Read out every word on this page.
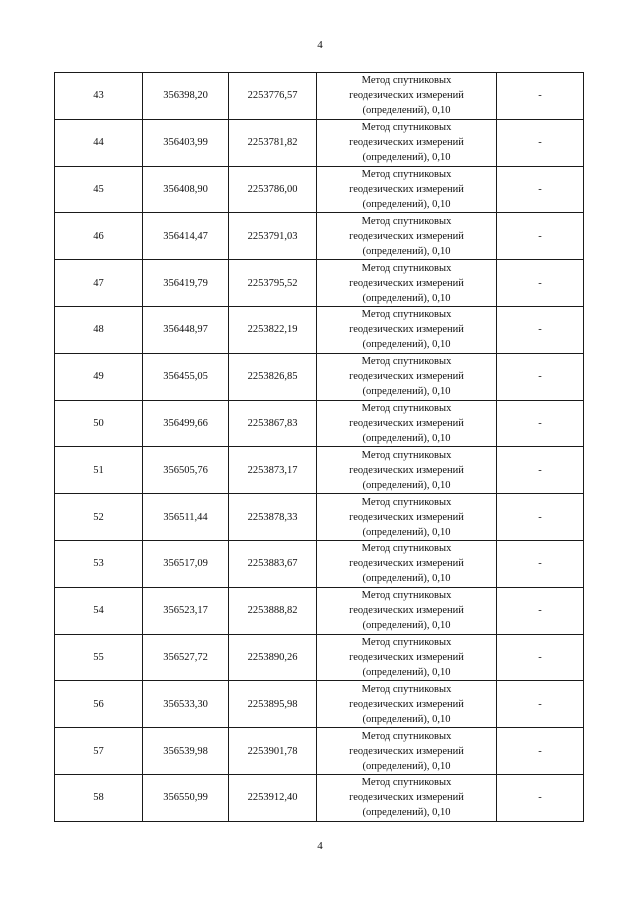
4
43	356398,20	2253776,57	Метод спутниковых
геодезических измерений
(определений), 0,10	-
44	356403,99	2253781,82	Метод спутниковых
геодезических измерений
(определений), 0,10	-
45	356408,90	2253786,00	Метод спутниковых
геодезических измерений
(определений), 0,10	-
46	356414,47	2253791,03	Метод спутниковых
геодезических измерений
(определений), 0,10	-
47	356419,79	2253795,52	Метод спутниковых
геодезических измерений
(определений), 0,10	-
48	356448,97	2253822,19	Метод спутниковых
геодезических измерений
(определений), 0,10	-
49	356455,05	2253826,85	Метод спутниковых
геодезических измерений
(определений), 0,10	-
50	356499,66	2253867,83	Метод спутниковых
геодезических измерений
(определений), 0,10	-
51	356505,76	2253873,17	Метод спутниковых
геодезических измерений
(определений), 0,10	-
52	356511,44	2253878,33	Метод спутниковых
геодезических измерений
(определений), 0,10	-
53	356517,09	2253883,67	Метод спутниковых
геодезических измерений
(определений), 0,10	-
54	356523,17	2253888,82	Метод спутниковых
геодезических измерений
(определений), 0,10	-
55	356527,72	2253890,26	Метод спутниковых
геодезических измерений
(определений), 0,10	-
56	356533,30	2253895,98	Метод спутниковых
геодезических измерений
(определений), 0,10	-
57	356539,98	2253901,78	Метод спутниковых
геодезических измерений
(определений), 0,10	-
58	356550,99	2253912,40	Метод спутниковых
геодезических измерений
(определений), 0,10	-
4
